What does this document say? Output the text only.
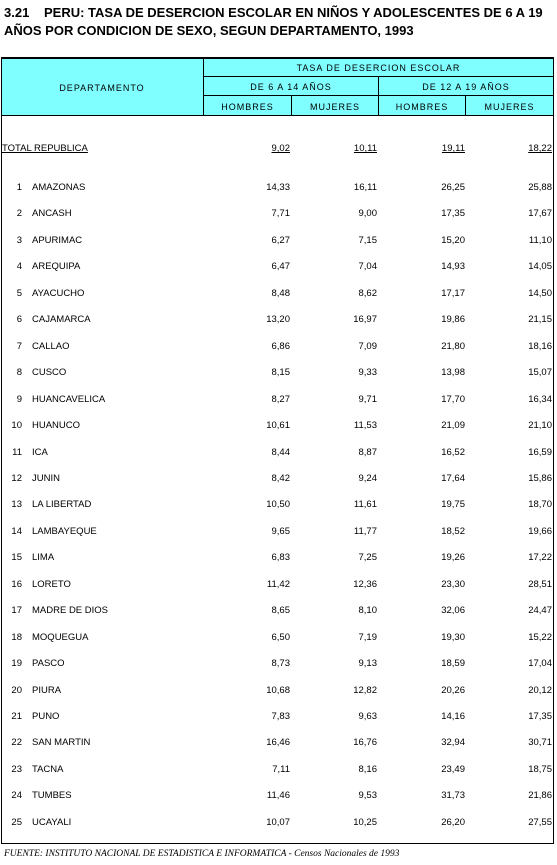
3.21 PERU: TASA DE DESERCION ESCOLAR EN NIÑOS Y ADOLESCENTES DE 6 A 19
AÑOS POR CONDICION DE SEXO, SEGUN DEPARTAMENTO, 1993
DEPARTAMENTO
TASA DE DESERCION ESCOLAR
DE 6 A 14 AÑOS	DE 12 A 19 AÑOS
HOMBRES	MUJERES	HOMBRES	MUJERES
TOTAL REPUBLICA	9,02	10,11	19,11	18,22
1 AMAZONAS	14,33	16,11	26,25	25,88
2 ANCASH	7,71	9,00	17,35	17,67
3 APURIMAC	6,27	7,15	15,20	11,10
4 AREQUIPA	6,47	7,04	14,93	14,05
5 AYACUCHO	8,48	8,62	17,17	14,50
6 CAJAMARCA	13,20	16,97	19,86	21,15
7 CALLAO	6,86	7,09	21,80	18,16
8 CUSCO	8,15	9,33	13,98	15,07
9 HUANCAVELICA	8,27	9,71	17,70	16,34
10 HUANUCO	10,61	11,53	21,09	21,10
11 ICA	8,44	8,87	16,52	16,59
12 JUNIN	8,42	9,24	17,64	15,86
13 LA LIBERTAD	10,50	11,61	19,75	18,70
14 LAMBAYEQUE	9,65	11,77	18,52	19,66
15 LIMA	6,83	7,25	19,26	17,22
16 LORETO	11,42	12,36	23,30	28,51
17 MADRE DE DIOS	8,65	8,10	32,06	24,47
18 MOQUEGUA	6,50	7,19	19,30	15,22
19 PASCO	8,73	9,13	18,59	17,04
20 PIURA	10,68	12,82	20,26	20,12
21 PUNO	7,83	9,63	14,16	17,35
22 SAN MARTIN	16,46	16,76	32,94	30,71
23 TACNA	7,11	8,16	23,49	18,75
24 TUMBES	11,46	9,53	31,73	21,86
25 UCAYALI	10,07	10,25	26,20	27,55
FUENTE: INSTITUTO NACIONAL DE ESTADISTICA E INFORMATICA - Censos Nacionales de 1993
